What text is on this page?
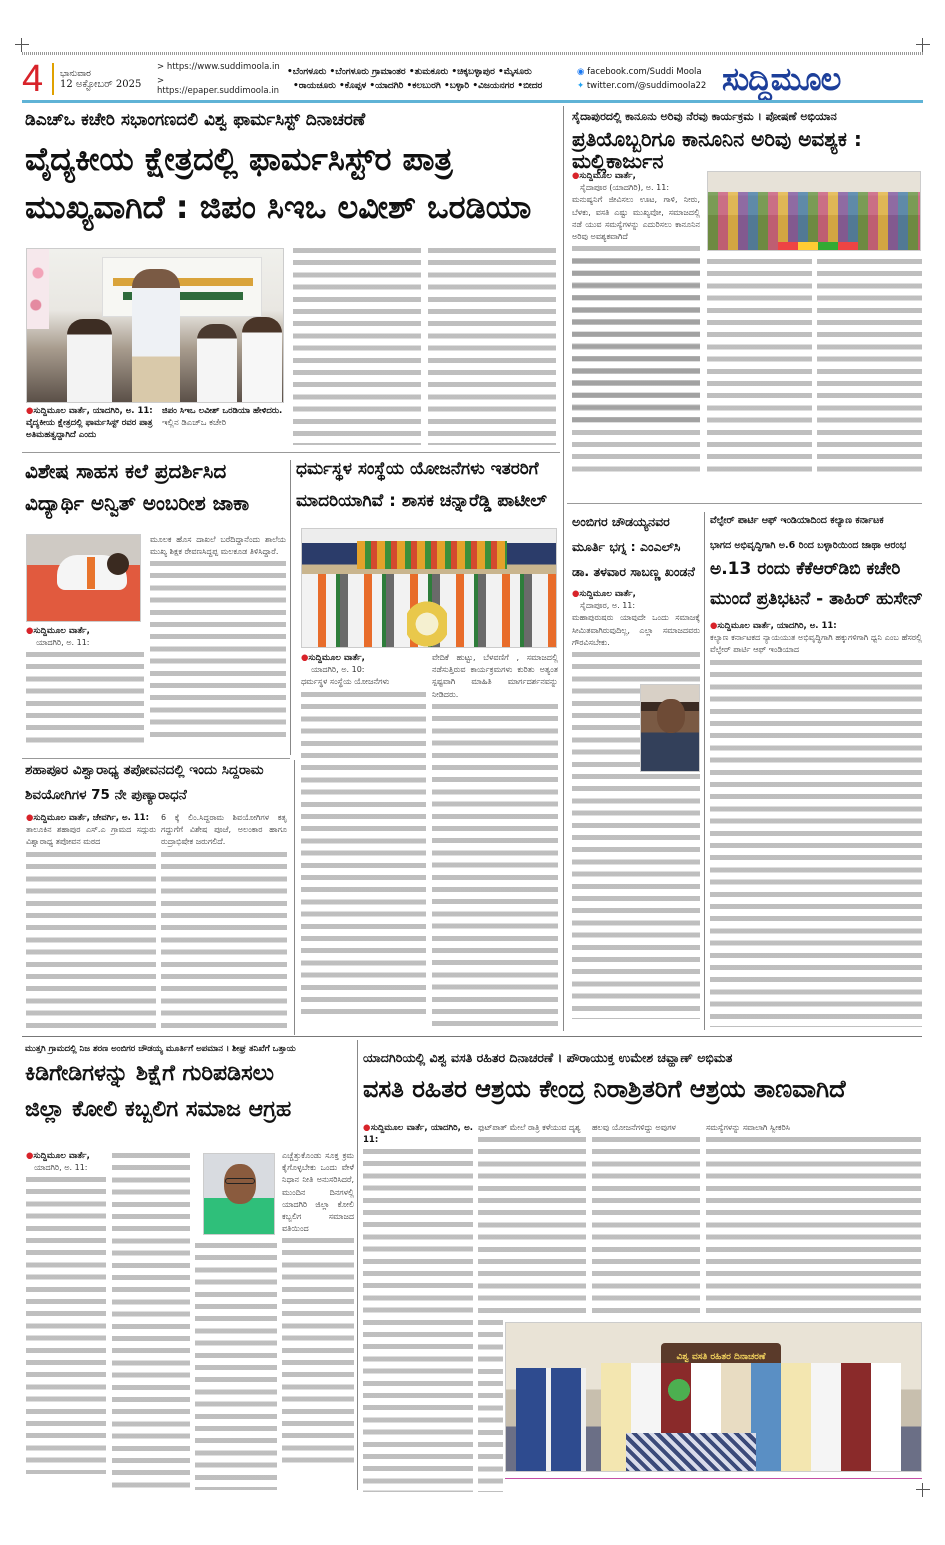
4	ಭಾನುವಾರ
12 ಅಕ್ಟೋಬರ್ 2025
> https://www.suddimoola.in
> https://epaper.suddimoola.in
•ಬೆಂಗಳೂರು •ಬೆಂಗಳೂರು ಗ್ರಾಮಾಂತರ •ತುಮಕೂರು •ಚಿಕ್ಕಬಳ್ಳಾಪುರ •ಮೈಸೂರು
•ರಾಯಚೂರು •ಕೊಪ್ಪಳ •ಯಾದಗಿರಿ •ಕಲಬುರಗಿ •ಬಳ್ಳಾರಿ •ವಿಜಯನಗರ •ಬೀದರ
◉ facebook.com/Suddi Moola
✦ twitter.com/@suddimoola22 ಸುದ್ದಿಮೂಲ
ಡಿಎಚ್‌ಒ ಕಚೇರಿ ಸಭಾಂಗಣದಲಿ ವಿಶ್ವ ಫಾರ್ಮಸಿಸ್ಟ್ ದಿನಾಚರಣೆ
ವೈದ್ಯಕೀಯ ಕ್ಷೇತ್ರದಲ್ಲಿ ಫಾರ್ಮಸಿಸ್ಟ್‌ರ ಪಾತ್ರ
ಮುಖ್ಯವಾಗಿದೆ : ಜಿಪಂ ಸಿಇಒ ಲವೀಶ್ ಒರಡಿಯಾ
●ಸುದ್ದಿಮೂಲ ವಾರ್ತೆ, ಯಾದಗಿರಿ, ಅ. 11:
ವೈದ್ಯಕೀಯ ಕ್ಷೇತ್ರದಲ್ಲಿ ಫಾರ್ಮಸಿಸ್ಟ್ ರವರ ಪಾತ್ರ ಅತಿಮಹತ್ವದ್ದಾಗಿದೆ ಎಂದು
ಜಿಪಂ ಸಿಇಒ ಲವೀಶ್ ಒರಡಿಯಾ ಹೇಳಿದರು.
ಇಲ್ಲಿನ ಡಿಎಚ್‌ಒ ಕಚೇರಿ
ಸೈದಾಪುರದಲ್ಲಿ ಕಾನೂನು ಅರಿವು ನೆರವು ಕಾರ್ಯಕ್ರಮ । ಪೋಷಣೆ ಅಭಿಯಾನ
ಪ್ರತಿಯೊಬ್ಬರಿಗೂ ಕಾನೂನಿನ ಅರಿವು ಅವಶ್ಯಕ : ಮಲ್ಲಿಕಾರ್ಜುನ
●ಸುದ್ದಿಮೂಲ ವಾರ್ತೆ,
ಸೈದಾಪೂರ (ಯಾದಗಿರಿ), ಅ. 11:
ಮನುಷ್ಯನಿಗೆ ಜೀವಿಸಲು ಊಟ, ಗಾಳಿ, ನೀರು, ಬೆಳಕು, ವಸತಿ ಎಷ್ಟು ಮುಖ್ಯವೋ, ಸಮಾಜದಲ್ಲಿ ನಡೆ ಯುವ ಸಮಸ್ಯೆಗಳನ್ನು ಎದುರಿಸಲು ಕಾನೂನಿನ ಅರಿವು ಅವಶ್ಯಕವಾಗಿದೆ
ವಿಶೇಷ ಸಾಹಸ ಕಲೆ ಪ್ರದರ್ಶಿಸಿದ
ವಿದ್ಯಾರ್ಥಿ ಅನ್ವಿತ್ ಅಂಬರೀಶ ಜಾಕಾ
●ಸುದ್ದಿಮೂಲ ವಾರ್ತೆ,
ಯಾದಗಿರಿ, ಅ. 11:
ಮೂಲಕ ಹೊಸ ದಾಖಲೆ ಬರೆದಿದ್ದಾನೆಂದು ಶಾಲೆಯ ಮುಖ್ಯ ಶಿಕ್ಷಕ ರೇವಣಸಿದ್ದಪ್ಪ ಮಲಕೂಡ ತಿಳಿಸಿದ್ದಾರೆ.
ಧರ್ಮಸ್ಥಳ ಸಂಸ್ಥೆಯ ಯೋಜನೆಗಳು ಇತರರಿಗೆ
ಮಾದರಿಯಾಗಿವೆ : ಶಾಸಕ ಚನ್ನಾರೆಡ್ಡಿ ಪಾಟೀಲ್
●ಸುದ್ದಿಮೂಲ ವಾರ್ತೆ,
ಯಾದಗಿರಿ, ಅ. 10:
ಧರ್ಮಸ್ಥಳ ಸಂಸ್ಥೆಯ ಯೋಜನೆಗಳು
ವೇದಿಕೆ ಹುಟ್ಟು, ಬೆಳವಣಿಗೆ , ಸಮಾಜದಲ್ಲಿ ನಡೆಸುತ್ತಿರುವ ಕಾರ್ಯಕ್ರಮಗಳು ಕುರಿತು ಅತ್ಯಂತ ಸ್ಪಷ್ಟವಾಗಿ ಮಾಹಿತಿ ಮಾರ್ಗದರ್ಶನವನ್ನು ನೀಡಿದರು.
ಅಂಬಿಗರ ಚೌಡಯ್ಯನವರ
ಮೂರ್ತಿ ಭಗ್ನ : ಎಂಎಲ್‌ಸಿ
ಡಾ. ತಳವಾರ ಸಾಬಣ್ಣ ಖಂಡನೆ
●ಸುದ್ದಿಮೂಲ ವಾರ್ತೆ,
ಸೈದಾಪೂರ, ಅ. 11:
ಮಹಾಪುರುಷರು ಯಾವುದೇ ಒಂದು ಸಮಾಜಕ್ಕೆ ಸೀಮಿತವಾಗಿರುವುದಿಲ್ಲ, ಎಲ್ಲಾ ಸಮಾಜದವರು ಗೌರವಿಸಬೇಕು.
ವೆಲ್ಫೇರ್ ಪಾರ್ಟಿ ಆಫ್ ಇಂಡಿಯಾದಿಂದ ಕಲ್ಯಾಣ ಕರ್ನಾಟಕ
ಭಾಗದ ಅಭಿವೃದ್ಧಿಗಾಗಿ ಅ.6 ರಿಂದ ಬಳ್ಳಾರಿಯಿಂದ ಜಾಥಾ ಆರಂಭ
ಅ.13 ರಂದು ಕೆಕೆಆರ್‌ಡಿಬಿ ಕಚೇರಿ
ಮುಂದೆ ಪ್ರತಿಭಟನೆ - ತಾಹಿರ್ ಹುಸೇನ್
●ಸುದ್ದಿಮೂಲ ವಾರ್ತೆ, ಯಾದಗಿರಿ, ಅ. 11:
ಕಲ್ಯಾಣ ಕರ್ನಾಟಕದ ನ್ಯಾಯಯುತ ಅಭಿವೃದ್ಧಿಗಾಗಿ ಹಕ್ಕುಗಳಿಗಾಗಿ ಧ್ವನಿ ಎಂಬ ಹೆಸರಲ್ಲಿ ವೆಲ್ಫೇರ್ ಪಾರ್ಟಿ ಆಫ್ ಇಂಡಿಯಾದ
ಶಹಾಪೂರ ವಿಶ್ವಾರಾಧ್ಯ ತಪೋವನದಲ್ಲಿ ಇಂದು ಸಿದ್ದರಾಮ
ಶಿವಯೋಗಿಗಳ 75 ನೇ ಪುಣ್ಯಾರಾಧನೆ
●ಸುದ್ದಿಮೂಲ ವಾರ್ತೆ, ಜೇವರ್ಗಿ, ಅ. 11:
ತಾಲೂಕಿನ ಶಹಾಪುರ ಎಸ್.ಎ ಗ್ರಾಮದ ಸದ್ಗುರು ವಿಶ್ವಾರಾಧ್ಯ ತಪೋವನ ಮಠದ
6 ಕ್ಕೆ ಲಿಂ.ಸಿದ್ದರಾಮ ಶಿವಯೋಗಿಗಳ ಕತೃ ಗದ್ದುಗೆಗೆ ವಿಶೇಷ ಪೂಜೆ, ಅಲಂಕಾರ ಹಾಗೂ ರುದ್ರಾಭಿಷೇಕ ಜರುಗಲಿದೆ.
ಮುತ್ತಗಿ ಗ್ರಾಮದಲ್ಲಿ ನಿಜ ಶರಣ ಅಂಬಿಗರ ಚೌಡಯ್ಯ ಮೂರ್ತಿಗೆ ಅಪಮಾನ । ಶೀಘ್ರ ತನಿಖೆಗೆ ಒತ್ತಾಯ
ಕಿಡಿಗೇಡಿಗಳನ್ನು ಶಿಕ್ಷೆಗೆ ಗುರಿಪಡಿಸಲು
ಜಿಲ್ಲಾ ಕೋಲಿ ಕಬ್ಬಲಿಗ ಸಮಾಜ ಆಗ್ರಹ
●ಸುದ್ದಿಮೂಲ ವಾರ್ತೆ,
ಯಾದಗಿರಿ, ಅ. 11:
ಎಚ್ಚೆತ್ತುಕೊಂಡು ಸೂಕ್ತ ಕ್ರಮ ಕೈಗೊಳ್ಳಬೇಕು ಒಂದು ವೇಳೆ ನಿಧಾನ ನೀತಿ ಅನುಸರಿಸಿದರೆ, ಮುಂದಿನ ದಿನಗಳಲ್ಲಿ ಯಾದಗಿರಿ ಜಿಲ್ಲಾ ಕೋಲಿ ಕಬ್ಬಲಿಗ ಸಮಾಜದ ವತಿಯಿಂದ
ಯಾದಗಿರಿಯಲ್ಲಿ ವಿಶ್ವ ವಸತಿ ರಹಿತರ ದಿನಾಚರಣೆ । ಪೌರಾಯುಕ್ತ ಉಮೇಶ ಚವ್ಹಾಣ್ ಅಭಿಮತ
ವಸತಿ ರಹಿತರ ಆಶ್ರಯ ಕೇಂದ್ರ ನಿರಾಶ್ರಿತರಿಗೆ ಆಶ್ರಯ ತಾಣವಾಗಿದೆ
●ಸುದ್ದಿಮೂಲ ವಾರ್ತೆ, ಯಾದಗಿರಿ, ಅ. 11:
ಫುಟ್‌ಪಾತ್ ಮೇಲೆ ರಾತ್ರಿ ಕಳೆಯುವ ದೃಶ್ಯ	ಹಲವು ಯೋಜನೆಗಳಿದ್ದು ಅವುಗಳ	ಸಮಸ್ಯೆಗಳನ್ನು ಸವಾಲಾಗಿ ಸ್ವೀಕರಿಸಿ
ವಿಶ್ವ ವಸತಿ ರಹಿತರ ದಿನಾಚರಣೆ
